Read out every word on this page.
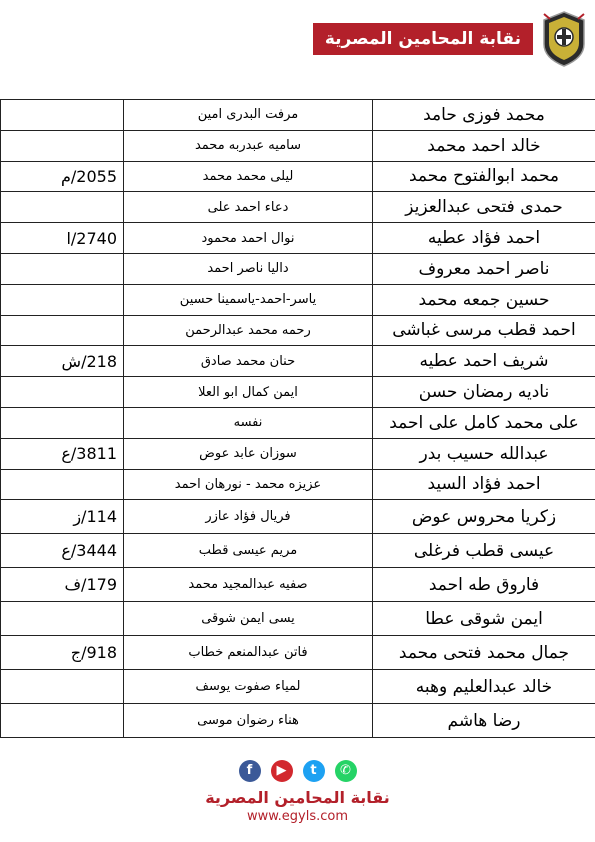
نقابة المحامين المصرية
محمد فوزى حامد	مرفت البدرى امين	
خالد احمد محمد	ساميه عبدربه محمد	
محمد ابوالفتوح محمد	ليلى محمد محمد	2055/م
حمدى فتحى عبدالعزيز	دعاء احمد على	
احمد فؤاد عطيه	نوال احمد محمود	2740/ا
ناصر احمد معروف	داليا ناصر احمد	
حسين جمعه محمد	ياسر-احمد-ياسمينا حسين	
احمد قطب مرسى غباشى	رحمه محمد عبدالرحمن	
شريف احمد عطيه	حنان محمد صادق	218/ش
ناديه رمضان حسن	ايمن كمال ابو العلا	
على محمد كامل على احمد	نفسه	
عبدالله حسيب بدر	سوزان عابد عوض	3811/ع
احمد فؤاد السيد	عزيزه محمد - نورهان احمد	
زكريا محروس عوض	فريال فؤاد عازر	114/ز
عيسى قطب فرغلى	مريم عيسى قطب	3444/ع
فاروق طه احمد	صفيه عبدالمجيد محمد	179/ف
ايمن شوقى عطا	يسى ايمن شوقى	
جمال محمد فتحى محمد	فاتن عبدالمنعم خطاب	918/ج
خالد عبدالعليم وهبه	لمياء صفوت يوسف	
رضا هاشم	هناء رضوان موسى	
f	▶	t	✆
نقابة المحامين المصرية
www.egyls.com
